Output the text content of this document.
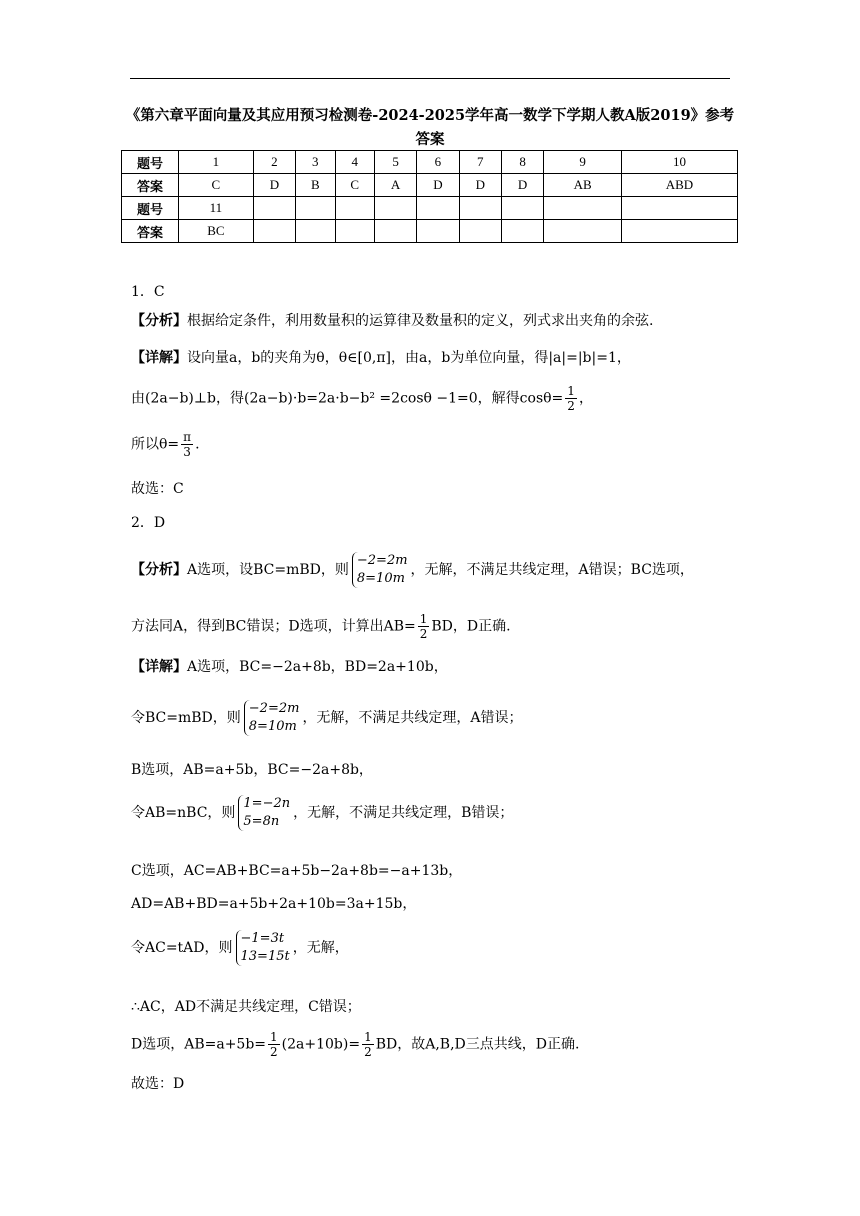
《第六章平面向量及其应用预习检测卷-2024-2025学年高一数学下学期人教A版2019》参考答案
题号	1	2	3	4	5	6	7	8	9	10
答案	C	D	B	C	A	D	D	D	AB	ABD
题号	11									
答案	BC									
1．C
【分析】根据给定条件，利用数量积的运算律及数量积的定义，列式求出夹角的余弦.
【详解】设向量a，b的夹角为θ，θ∈[0,π]，由a，b为单位向量，得|a|=|b|=1，
由(2a−b)⊥b，得(2a−b)·b=2a·b−b² =2cosθ −1=0，解得$\cos\theta= \frac{1}{2}$ ，
所以$\theta= \frac{\pi}{3}$ .
故选：C
2．D
【分析】A选项，设BC=mBD，则
−2=2m
8=10m
，无解，不满足共线定理，A错误；BC选项，
方法同A，得到BC错误；D选项，计算出$AB= \frac{1}{2}$ BD，D正确.
【详解】A选项，BC=−2a+8b，BD=2a+10b，
令BC=mBD，则
−2=2m
8=10m
，无解，不满足共线定理，A错误；
B选项，AB=a+5b，BC=−2a+8b，
令AB=nBC，则
1=−2n
5=8n
，无解，不满足共线定理，B错误；
C选项，AC=AB+BC=a+5b−2a+8b=−a+13b，
AD=AB+BD=a+5b+2a+10b=3a+15b，
令AC=tAD，则
−1=3t
13=15t
，无解，
∴AC，AD不满足共线定理，C错误；
D选项，$AB=a+5b= \frac{1}{2} (2a+10b)= \frac{1}{2}$ BD，故A,B,D三点共线，D正确.
故选：D
